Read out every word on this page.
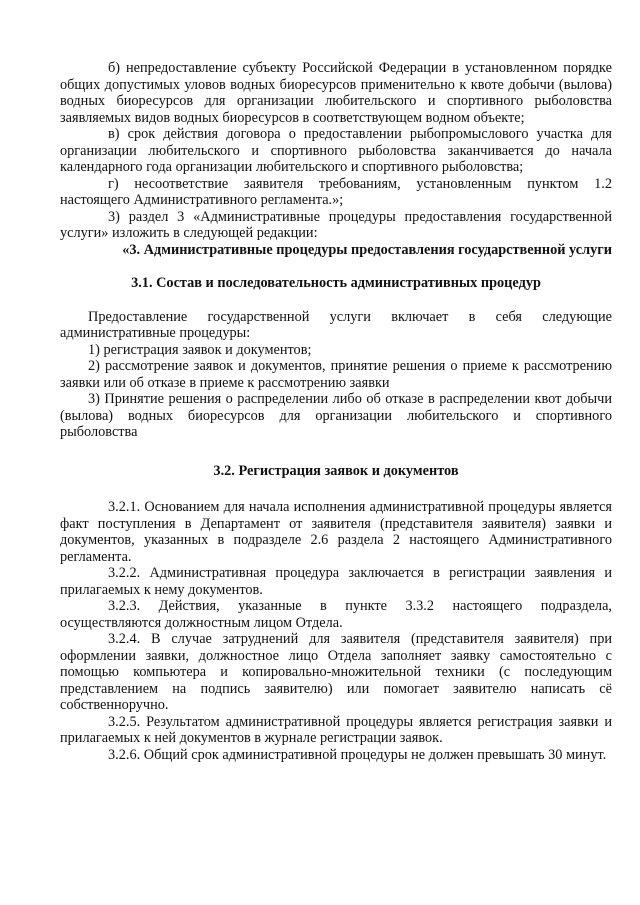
б) непредоставление субъекту Российской Федерации в установленном порядке общих допустимых уловов водных биоресурсов применительно к квоте добычи (вылова) водных биоресурсов для организации любительского и спортивного рыболовства заявляемых видов водных биоресурсов в соответствующем водном объекте;

в) срок действия договора о предоставлении рыбопромыслового участка для организации любительского и спортивного рыболовства заканчивается до начала календарного года организации любительского и спортивного рыболовства;

г) несоответствие заявителя требованиям, установленным пунктом 1.2 настоящего Административного регламента.»;

3) раздел 3 «Административные процедуры предоставления государственной услуги» изложить в следующей редакции:

«3. Административные процедуры предоставления государственной услуги

3.1. Состав и последовательность административных процедур

Предоставление государственной услуги включает в себя следующие административные процедуры:

1) регистрация заявок и документов;

2) рассмотрение заявок и документов, принятие решения о приеме к рассмотрению заявки или об отказе в приеме к рассмотрению заявки

3) Принятие решения о распределении либо об отказе в распределении квот добычи (вылова) водных биоресурсов для организации любительского и спортивного рыболовства

3.2. Регистрация заявок и документов

3.2.1. Основанием для начала исполнения административной процедуры является факт поступления в Департамент от заявителя (представителя заявителя) заявки и документов, указанных в подразделе 2.6 раздела 2 настоящего Административного регламента.

3.2.2. Административная процедура заключается в регистрации заявления и прилагаемых к нему документов.

3.2.3. Действия, указанные в пункте 3.3.2 настоящего подраздела, осуществляются должностным лицом Отдела.

3.2.4. В случае затруднений для заявителя (представителя заявителя) при оформлении заявки, должностное лицо Отдела заполняет заявку самостоятельно с помощью компьютера и копировально-множительной техники (с последующим представлением на подпись заявителю) или помогает заявителю написать сё собственноручно.

3.2.5. Результатом административной процедуры является регистрация заявки и прилагаемых к ней документов в журнале регистрации заявок.

3.2.6. Общий срок административной процедуры не должен превышать 30 минут.
